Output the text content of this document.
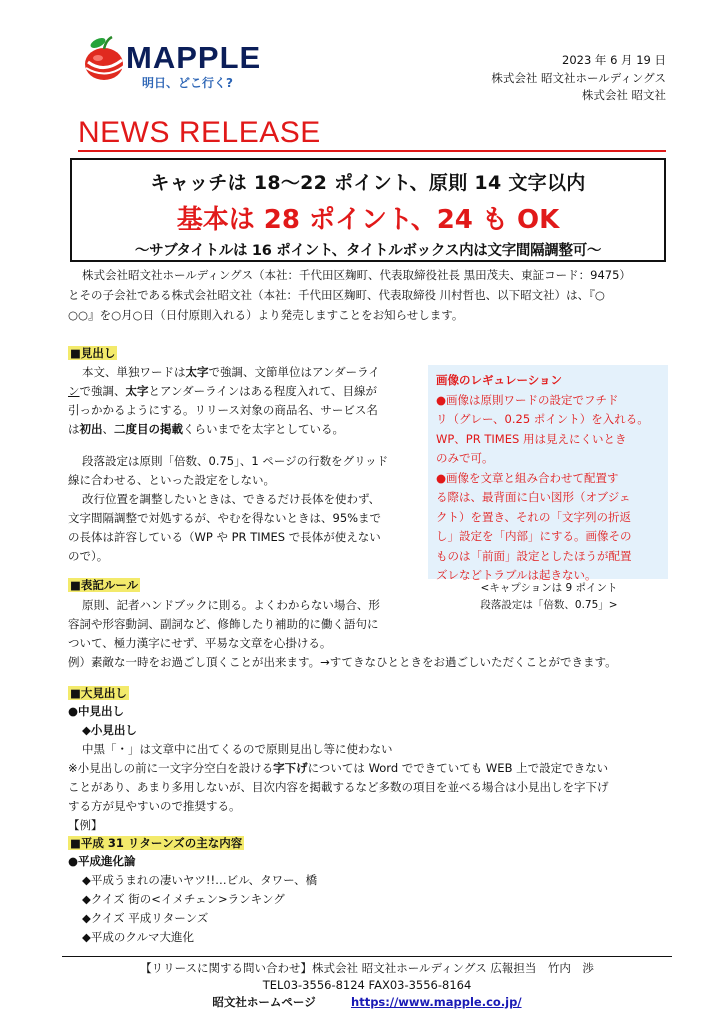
MAPPLE
明日、どこ行く?
2023 年 6 月 19 日
株式会社 昭文社ホールディングス
株式会社 昭文社
NEWS RELEASE
キャッチは 18〜22 ポイント、原則 14 文字以内
基本は 28 ポイント、24 も OK
〜サブタイトルは 16 ポイント、タイトルボックス内は文字間隔調整可〜
株式会社昭文社ホールディングス（本社：千代田区麹町、代表取締役社長 黒田茂夫、東証コード：9475）
とその子会社である株式会社昭文社（本社：千代田区麹町、代表取締役 川村哲也、以下昭文社）は、『○
○○』を○月○日（日付原則入れる）より発売しますことをお知らせします。
■見出し
本文、単独ワードは太字で強調、文節単位はアンダーライ
ンで強調、太字とアンダーラインはある程度入れて、目線が
引っかかるようにする。リリース対象の商品名、サービス名
は初出、二度目の掲載くらいまでを太字としている。
段落設定は原則「倍数、0.75」、1 ページの行数をグリッド
線に合わせる、といった設定をしない。
改行位置を調整したいときは、できるだけ長体を使わず、
文字間隔調整で対処するが、やむを得ないときは、95%まで
の長体は許容している（WP や PR TIMES で長体が使えない
ので）。
画像のレギュレーション
●画像は原則ワードの設定でフチド
リ（グレー、0.25 ポイント）を入れる。
WP、PR TIMES 用は見えにくいとき
のみで可。
●画像を文章と組み合わせて配置す
る際は、最背面に白い図形（オブジェ
クト）を置き、それの「文字列の折返
し」設定を「内部」にする。画像その
ものは「前面」設定としたほうが配置
ズレなどトラブルは起きない。
<キャプションは 9 ポイント
段落設定は「倍数、0.75」>
■表記ルール
原則、記者ハンドブックに則る。よくわからない場合、形
容詞や形容動詞、副詞など、修飾したり補助的に働く語句に
ついて、極力漢字にせず、平易な文章を心掛ける。
例）素敵な一時をお過ごし頂くことが出来ます。→すてきなひとときをお過ごしいただくことができます。
■大見出し
●中見出し
◆小見出し
中黒「・」は文章中に出てくるので原則見出し等に使わない
※小見出しの前に一文字分空白を設ける字下げについては Word でできていても WEB 上で設定できない
ことがあり、あまり多用しないが、目次内容を掲載するなど多数の項目を並べる場合は小見出しを字下げ
する方が見やすいので推奨する。
【例】
■平成 31 リターンズの主な内容
●平成進化論
◆平成うまれの凄いヤツ!!…ビル、タワー、橋
◆クイズ 街の<イメチェン>ランキング
◆クイズ 平成リターンズ
◆平成のクルマ大進化
【リリースに関する問い合わせ】株式会社 昭文社ホールディングス 広報担当　竹内　渉
TEL03-3556-8124 FAX03-3556-8164
昭文社ホームページ	https://www.mapple.co.jp/
